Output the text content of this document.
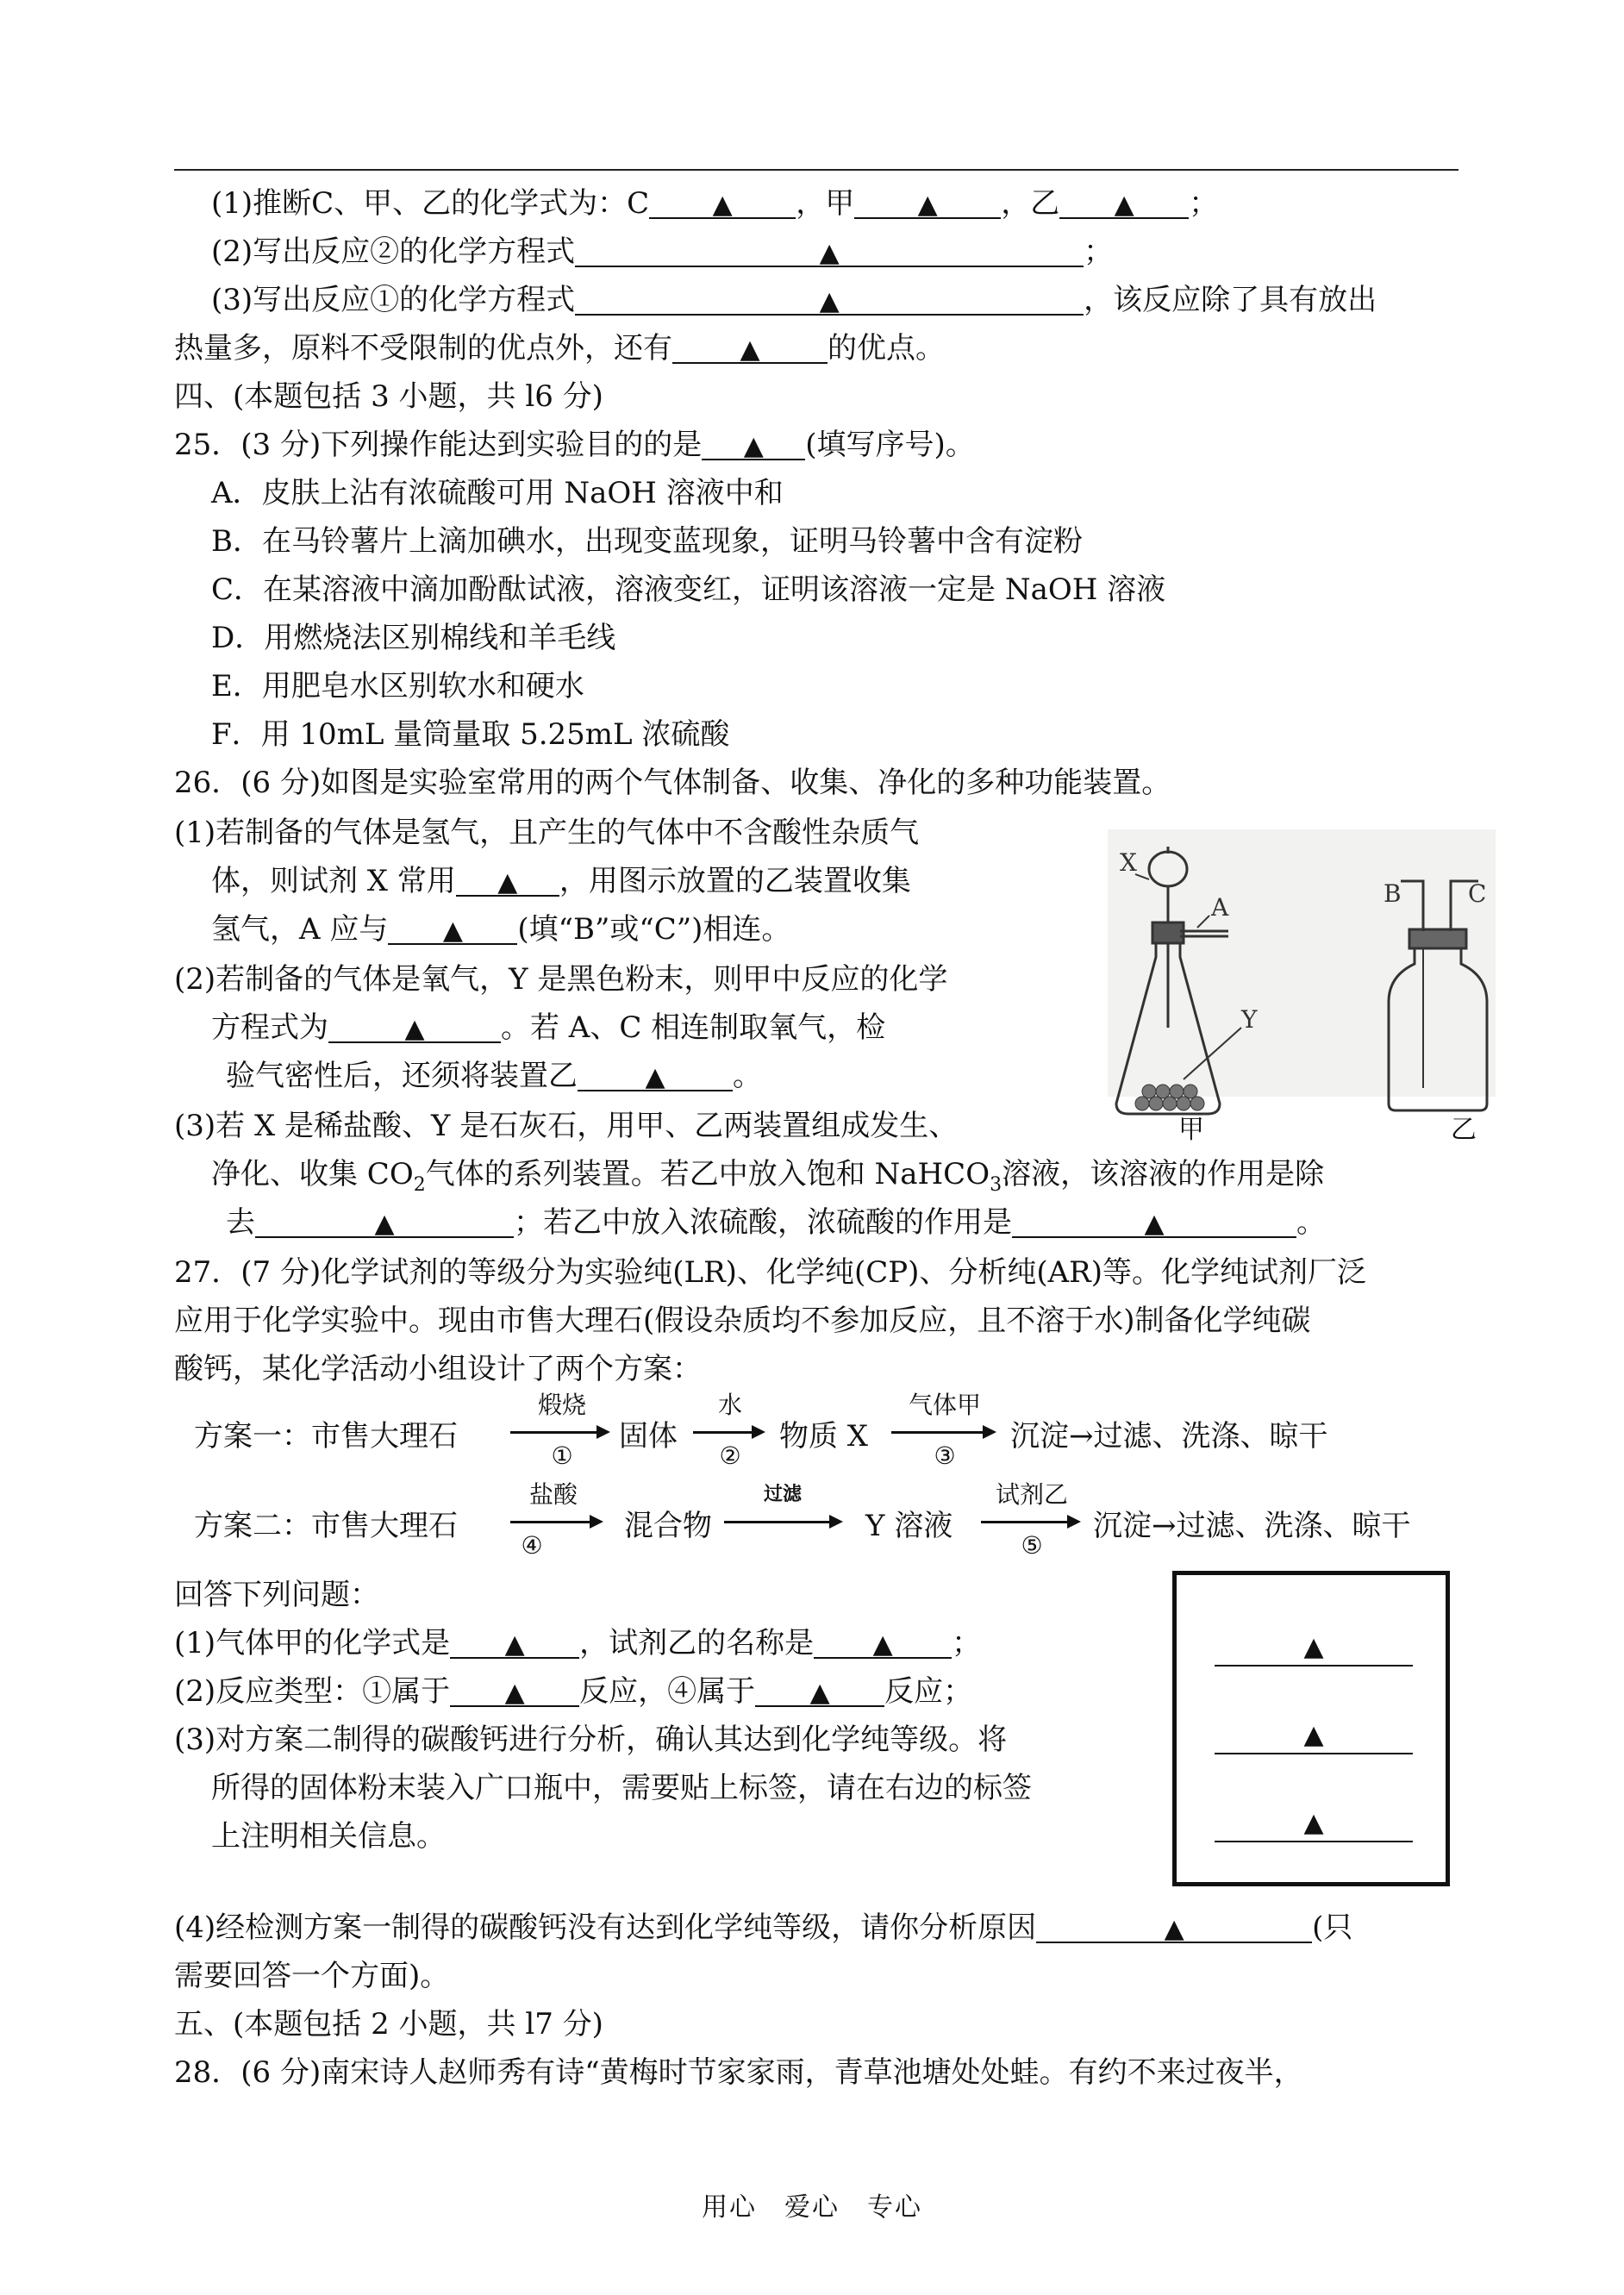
(1)推断C、甲、乙的化学式为：C ▲ ，甲 ▲ ，乙 ▲ ；
(2)写出反应②的化学方程式	▲	；
(3)写出反应①的化学方程式	▲	，该反应除了具有放出
热量多，原料不受限制的优点外，还有	▲ 的优点。
四、(本题包括 3 小题，共 l6 分)
25．(3 分)下列操作能达到实验目的的是 ▲ (填写序号)。
A．皮肤上沾有浓硫酸可用 NaOH 溶液中和
B．在马铃薯片上滴加碘水，出现变蓝现象，证明马铃薯中含有淀粉
C．在某溶液中滴加酚酞试液，溶液变红，证明该溶液一定是 NaOH 溶液
D．用燃烧法区别棉线和羊毛线
E．用肥皂水区别软水和硬水
F．用 10mL 量筒量取 5.25mL 浓硫酸
26．(6 分)如图是实验室常用的两个气体制备、收集、净化的多种功能装置。
(1)若制备的气体是氢气，且产生的气体中不含酸性杂质气
体，则试剂 X 常用 ▲ ，用图示放置的乙装置收集
氢气，A 应与 ▲ (填“B”或“C”)相连。
(2)若制备的气体是氧气，Y 是黑色粉末，则甲中反应的化学
方程式为	▲	。若 A、C 相连制取氧气，检
验气密性后，还须将装置乙	▲ 。
(3)若 X 是稀盐酸、Y 是石灰石，用甲、乙两装置组成发生、
净化、收集 $CO_2$气体的系列装置。若乙中放入饱和 NaHCO$_3$溶液，该溶液的作用是除
去	▲	；若乙中放入浓硫酸，浓硫酸的作用是	▲	。
X
A
Y
B	C
甲	乙
27．(7 分)化学试剂的等级分为实验纯(LR)、化学纯(CP)、分析纯(AR)等。化学纯试剂厂泛
应用于化学实验中。现由市售大理石(假设杂质均不参加反应，且不溶于水)制备化学纯碳
酸钙，某化学活动小组设计了两个方案：
方案一：市售大理石
煅烧
①
固体
水
②
物质 X
气体甲
③
沉淀→过滤、洗涤、晾干
方案二：市售大理石
盐酸
④
混合物
过滤
Y 溶液
试剂乙
⑤
沉淀→过滤、洗涤、晾干
回答下列问题：
(1)气体甲的化学式是 ▲ ，试剂乙的名称是 ▲ ；
(2)反应类型：①属于 ▲ 反应，④属于 ▲ 反应；
(3)对方案二制得的碳酸钙进行分析，确认其达到化学纯等级。将
所得的固体粉末装入广口瓶中，需要贴上标签，请在右边的标签
上注明相关信息。
▲
▲
▲
(4)经检测方案一制得的碳酸钙没有达到化学纯等级，请你分析原因	▲	(只
需要回答一个方面)。
五、(本题包括 2 小题，共 l7 分)
28．(6 分)南宋诗人赵师秀有诗“黄梅时节家家雨，青草池塘处处蛙。有约不来过夜半，
用心　爱心　专心
